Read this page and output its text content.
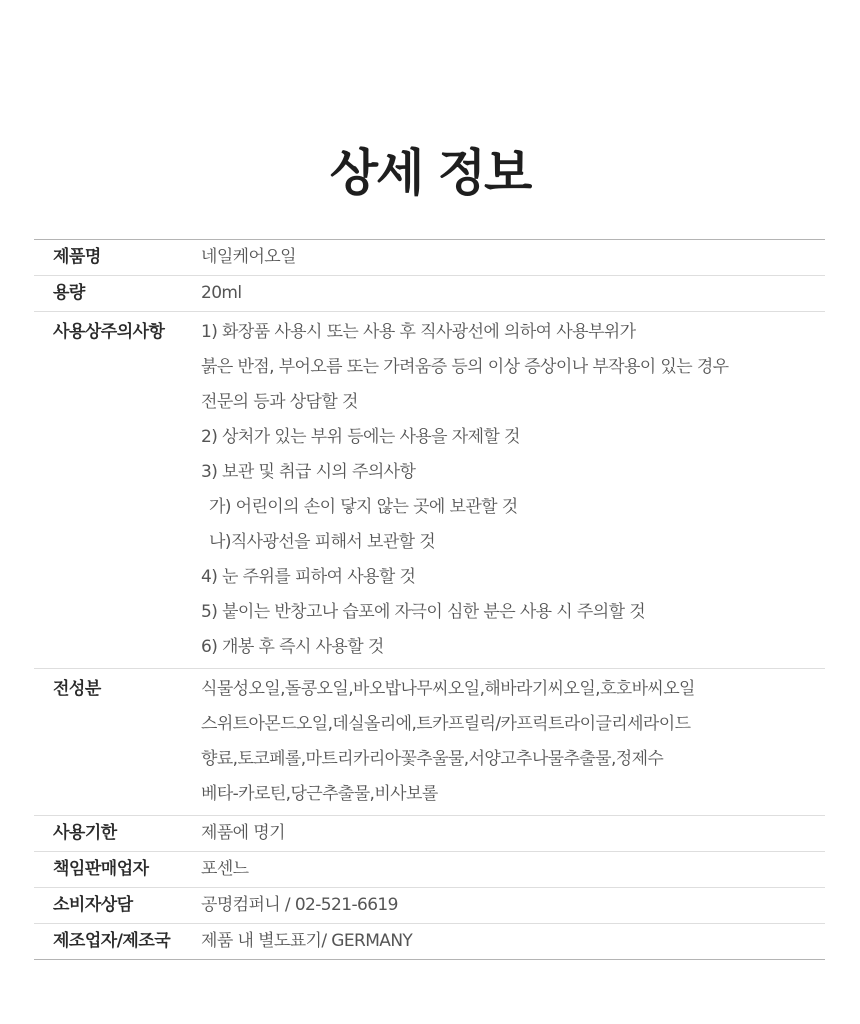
상세 정보
제품명	네일케어오일
용량	20ml
사용상주의사항	1) 화장품 사용시 또는 사용 후 직사광선에 의하여 사용부위가
붉은 반점, 부어오름 또는 가려움증 등의 이상 증상이나 부작용이 있는 경우
전문의 등과 상담할 것
2) 상처가 있는 부위 등에는 사용을 자제할 것
3) 보관 및 취급 시의 주의사항
가) 어린이의 손이 닿지 않는 곳에 보관할 것
나)직사광선을 피해서 보관할 것
4) 눈 주위를 피하여 사용할 것
5) 붙이는 반창고나 습포에 자극이 심한 분은 사용 시 주의할 것
6) 개봉 후 즉시 사용할 것
전성분	식물성오일,돌콩오일,바오밥나무씨오일,해바라기씨오일,호호바씨오일
스위트아몬드오일,데실올리에,트카프릴릭/카프릭트라이글리세라이드
향료,토코페롤,마트리카리아꽃추울물,서양고추나물추출물,정제수
베타-카로틴,당근추출물,비사보롤
사용기한	제품에 명기
책임판매업자	포센느
소비자상담	공명컴퍼니 / 02-521-6619
제조업자/제조국	제품 내 별도표기/ GERMANY
